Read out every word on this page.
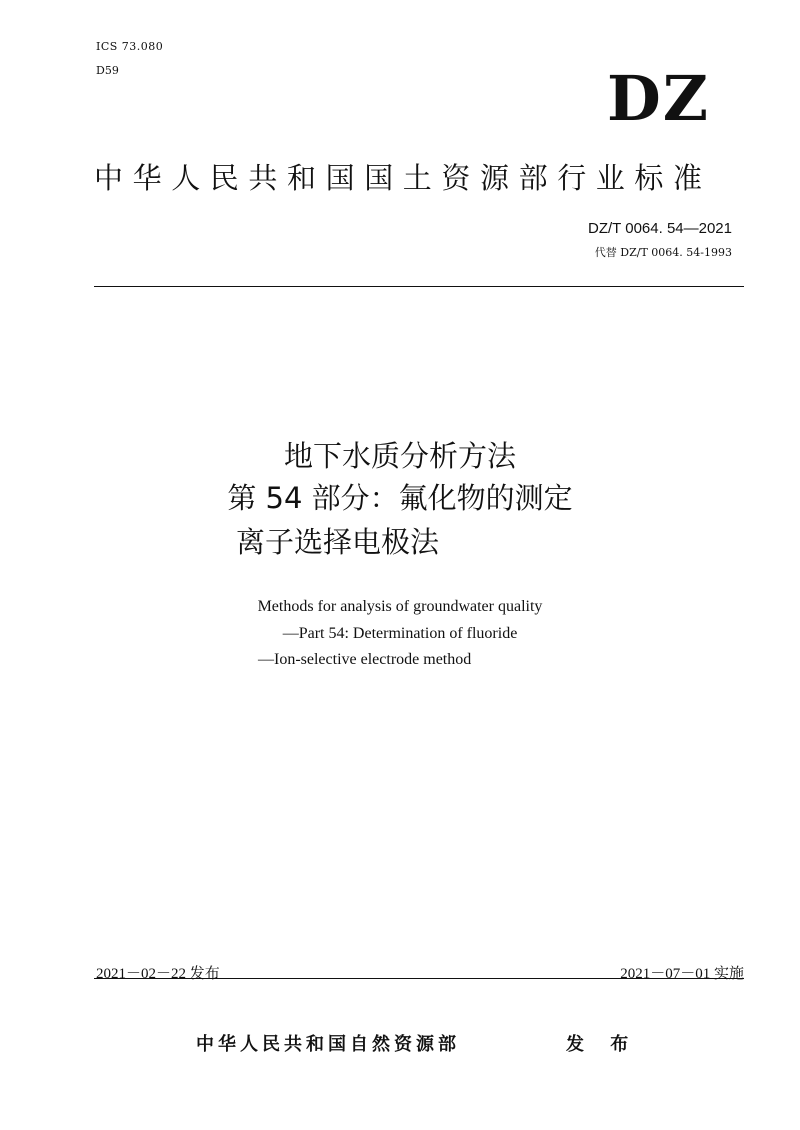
ICS 73.080
D59	DZ
中华人民共和国国土资源部行业标准
DZ/T 0064. 54—2021
代替 DZ/T 0064. 54-1993
地下水质分析方法
第 54 部分：氟化物的测定
离子选择电极法
Methods for analysis of groundwater quality
—Part 54: Determination of fluoride
—Ion-selective electrode method
2021－02－22 发布	2021－07－01 实施
中华人民共和国自然资源部	发 布
